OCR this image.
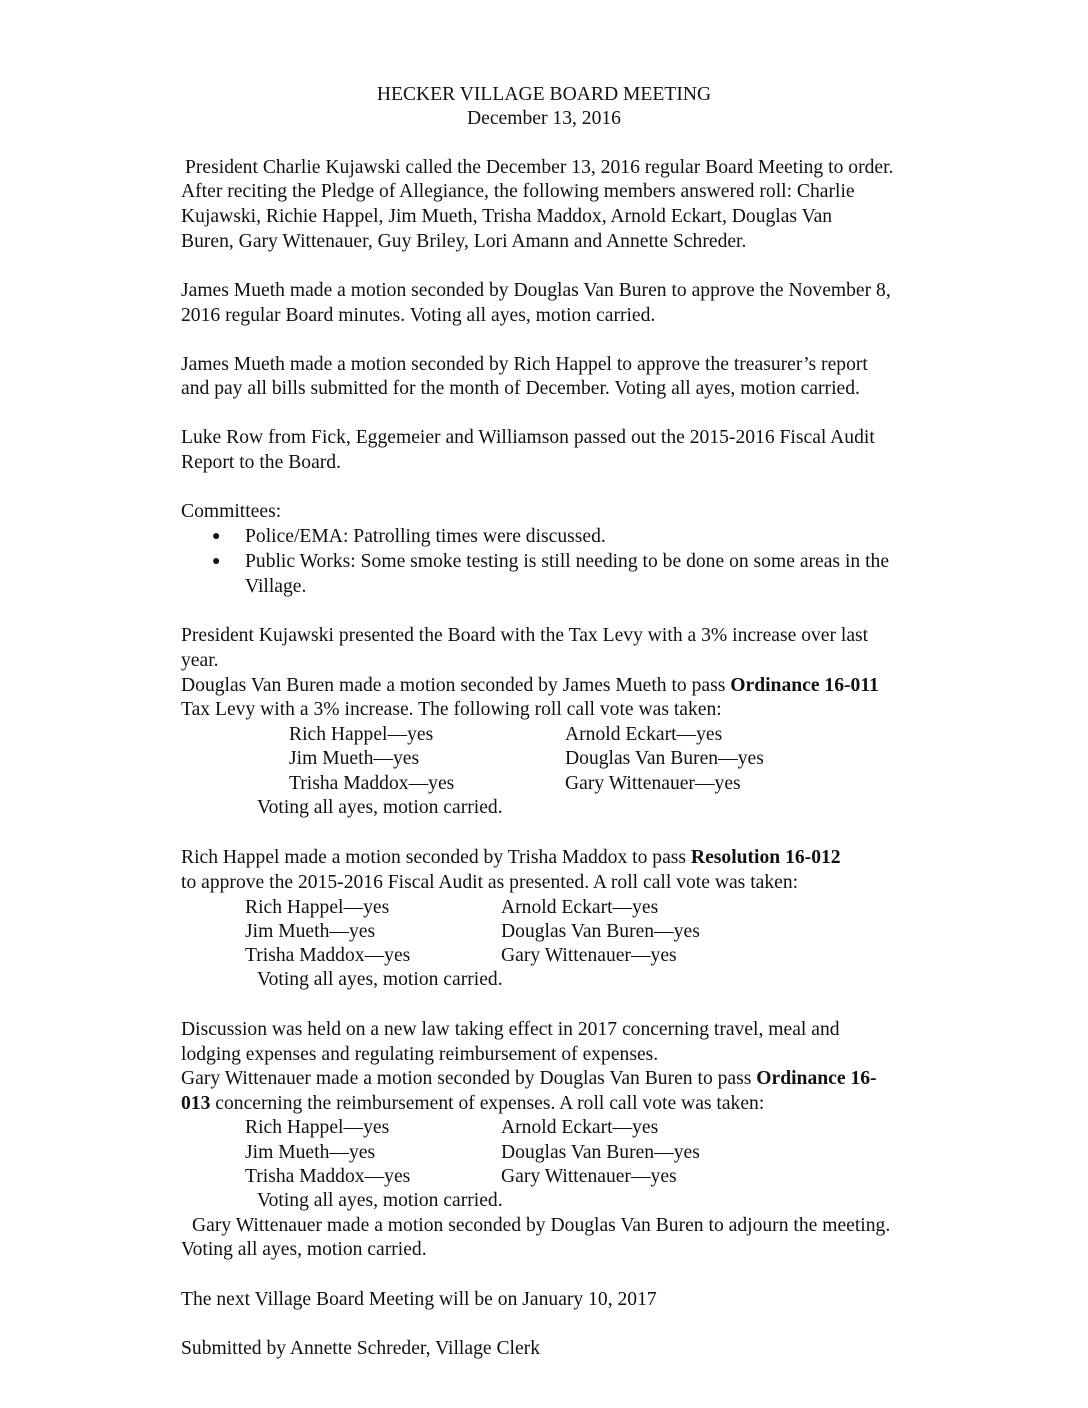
HECKER VILLAGE BOARD MEETING
December 13, 2016
President Charlie Kujawski called the December 13, 2016 regular Board Meeting to order.
After reciting the Pledge of Allegiance, the following members answered roll: Charlie
Kujawski, Richie Happel, Jim Mueth, Trisha Maddox, Arnold Eckart, Douglas Van
Buren, Gary Wittenauer, Guy Briley, Lori Amann and Annette Schreder.
James Mueth made a motion seconded by Douglas Van Buren to approve the November 8,
2016 regular Board minutes. Voting all ayes, motion carried.
James Mueth made a motion seconded by Rich Happel to approve the treasurer’s report
and pay all bills submitted for the month of December. Voting all ayes, motion carried.
Luke Row from Fick, Eggemeier and Williamson passed out the 2015-2016 Fiscal Audit
Report to the Board.
Committees:
● Police/EMA: Patrolling times were discussed.
● Public Works: Some smoke testing is still needing to be done on some areas in the
Village.
President Kujawski presented the Board with the Tax Levy with a 3% increase over last
year.
Douglas Van Buren made a motion seconded by James Mueth to pass Ordinance 16-011
Tax Levy with a 3% increase. The following roll call vote was taken:
Rich Happel—yes	Arnold Eckart—yes
Jim Mueth—yes	Douglas Van Buren—yes
Trisha Maddox—yes	Gary Wittenauer—yes
Voting all ayes, motion carried.
Rich Happel made a motion seconded by Trisha Maddox to pass Resolution 16-012
to approve the 2015-2016 Fiscal Audit as presented. A roll call vote was taken:
Rich Happel—yes	Arnold Eckart—yes
Jim Mueth—yes	Douglas Van Buren—yes
Trisha Maddox—yes	Gary Wittenauer—yes
Voting all ayes, motion carried.
Discussion was held on a new law taking effect in 2017 concerning travel, meal and
lodging expenses and regulating reimbursement of expenses.
Gary Wittenauer made a motion seconded by Douglas Van Buren to pass Ordinance 16-
013 concerning the reimbursement of expenses. A roll call vote was taken:
Rich Happel—yes	Arnold Eckart—yes
Jim Mueth—yes	Douglas Van Buren—yes
Trisha Maddox—yes	Gary Wittenauer—yes
Voting all ayes, motion carried.
Gary Wittenauer made a motion seconded by Douglas Van Buren to adjourn the meeting.
Voting all ayes, motion carried.
The next Village Board Meeting will be on January 10, 2017
Submitted by Annette Schreder, Village Clerk
